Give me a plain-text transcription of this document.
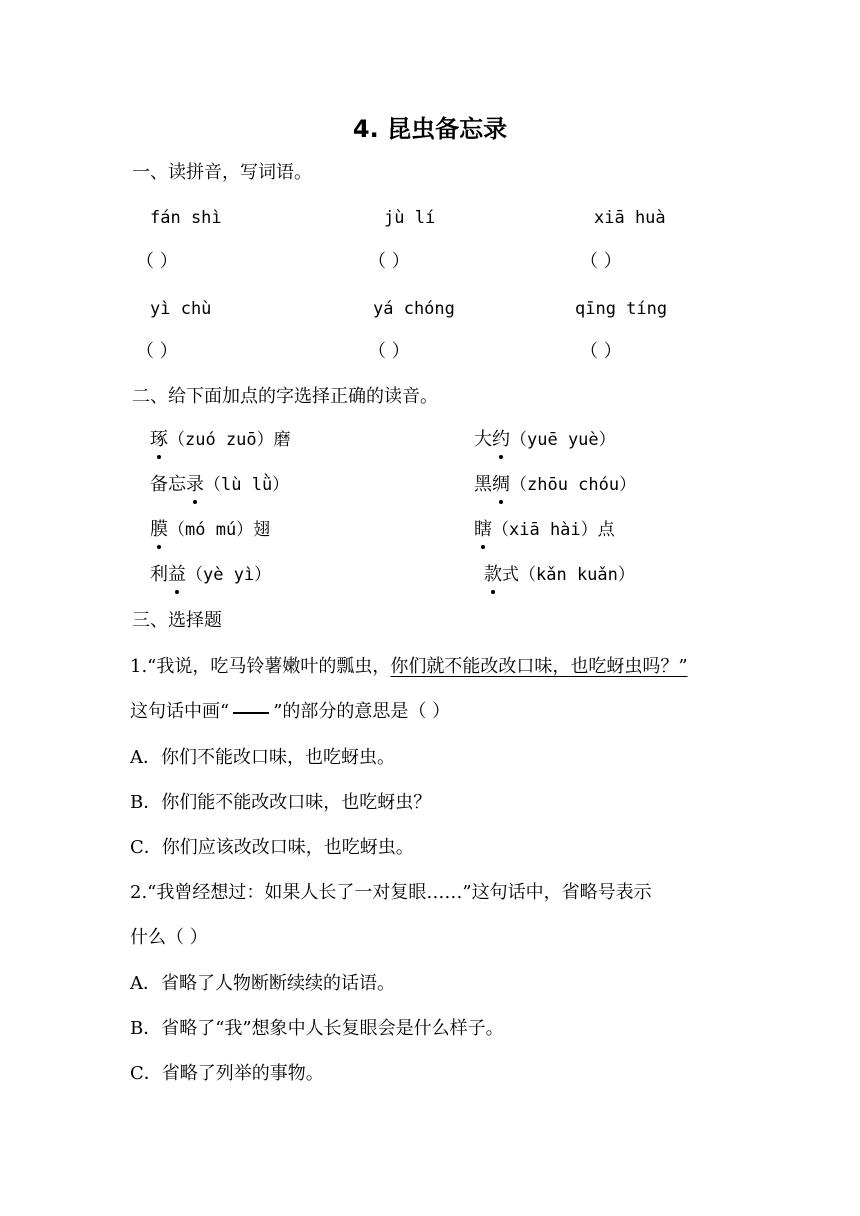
4. 昆虫备忘录
一、读拼音，写词语。
fán shì	jù lí	xiā huà
（ ）	（ ）	（ ）
yì chù	yá chóng	qīng tíng
（ ）	（ ）	（ ）
二、给下面加点的字选择正确的读音。
琢（zuó zuō）磨	大约（yuē yuè）
备忘录（lù lǜ）	黑绸（zhōu chóu）
膜（mó mú）翅	瞎（xiā hài）点
利益（yè yì）	款式（kǎn kuǎn）
三、选择题
1.“我说，吃马铃薯嫩叶的瓢虫，你们就不能改改口味，也吃蚜虫吗？”
这句话中画“ ”的部分的意思是（ ）
A．你们不能改口味，也吃蚜虫。
B．你们能不能改改口味，也吃蚜虫？
C．你们应该改改口味，也吃蚜虫。
2.“我曾经想过：如果人长了一对复眼……”这句话中，省略号表示
什么（ ）
A．省略了人物断断续续的话语。
B．省略了“我”想象中人长复眼会是什么样子。
C．省略了列举的事物。
